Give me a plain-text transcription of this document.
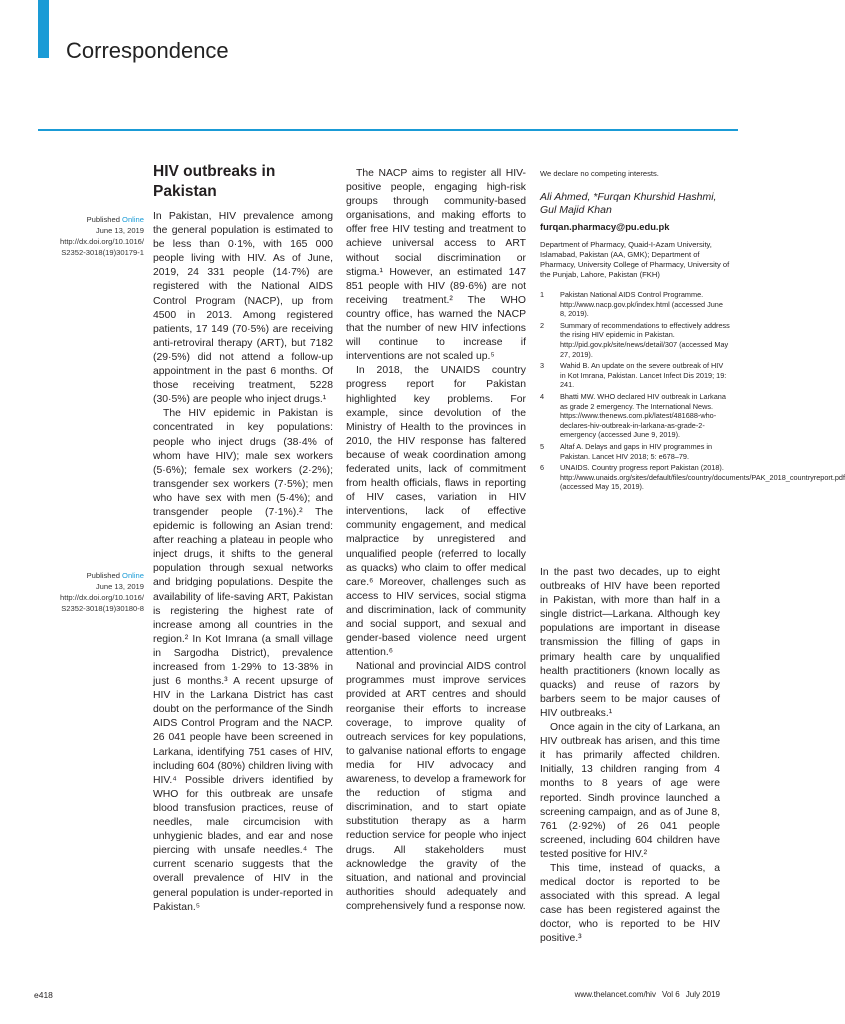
Correspondence
Published Online
June 13, 2019
http://dx.doi.org/10.1016/
S2352-3018(19)30179-1
Published Online
June 13, 2019
http://dx.doi.org/10.1016/
S2352-3018(19)30180-8
HIV outbreaks in Pakistan

In Pakistan, HIV prevalence among the general population is estimated to be less than 0·1%, with 165 000 people living with HIV. As of June, 2019, 24 331 people (14·7%) are registered with the National AIDS Control Program (NACP), up from 4500 in 2013. Among registered patients, 17 149 (70·5%) are receiving anti-retroviral therapy (ART), but 7182 (29·5%) did not attend a follow-up appointment in the past 6 months. Of those receiving treatment, 5228 (30·5%) are people who inject drugs.¹

The HIV epidemic in Pakistan is concentrated in key populations: people who inject drugs (38·4% of whom have HIV); male sex workers (5·6%); female sex workers (2·2%); transgender sex workers (7·5%); men who have sex with men (5·4%); and transgender people (7·1%).² The epidemic is following an Asian trend: after reaching a plateau in people who inject drugs, it shifts to the general population through sexual networks and bridging populations. Despite the availability of life-saving ART, Pakistan is registering the highest rate of increase among all countries in the region.² In Kot Imrana (a small village in Sargodha District), prevalence increased from 1·29% to 13·38% in just 6 months.³ A recent upsurge of HIV in the Larkana District has cast doubt on the performance of the Sindh AIDS Control Program and the NACP. 26 041 people have been screened in Larkana, identifying 751 cases of HIV, including 604 (80%) children living with HIV.⁴ Possible drivers identified by WHO for this outbreak are unsafe blood transfusion practices, reuse of needles, male circumcision with unhygienic blades, and ear and nose piercing with unsafe needles.⁴ The current scenario suggests that the overall prevalence of HIV in the general population is under-reported in Pakistan.⁵

The NACP aims to register all HIV-positive people, engaging high-risk groups through community-based organisations, and making efforts to offer free HIV testing and treatment to achieve universal access to ART without social discrimination or stigma.¹ However, an estimated 147 851 people with HIV (89·6%) are not receiving treatment.² The WHO country office, has warned the NACP that the number of new HIV infections will continue to increase if interventions are not scaled up.⁵

In 2018, the UNAIDS country progress report for Pakistan highlighted key problems. For example, since devolution of the Ministry of Health to the provinces in 2010, the HIV response has faltered because of weak coordination among federated units, lack of commitment from health officials, flaws in reporting of HIV cases, variation in HIV interventions, lack of effective community engagement, and medical malpractice by unregistered and unqualified people (referred to locally as quacks) who claim to offer medical care.⁶ Moreover, challenges such as access to HIV services, social stigma and discrimination, lack of community and social support, and sexual and gender-based violence need urgent attention.⁶

National and provincial AIDS control programmes must improve services provided at ART centres and should reorganise their efforts to increase coverage, to improve quality of outreach services for key populations, to galvanise national efforts to engage media for HIV advocacy and awareness, to develop a framework for the reduction of stigma and discrimination, and to start opiate substitution therapy as a harm reduction service for people who inject drugs. All stakeholders must acknowledge the gravity of the situation, and national and provincial authorities should adequately and comprehensively fund a response now.

We declare no competing interests.

Ali Ahmed, *Furqan Khurshid Hashmi, Gul Majid Khan

furqan.pharmacy@pu.edu.pk

Department of Pharmacy, Quaid-I-Azam University, Islamabad, Pakistan (AA, GMK); Department of Pharmacy, University College of Pharmacy, University of the Punjab, Lahore, Pakistan (FKH)

1 Pakistan National AIDS Control Programme. http://www.nacp.gov.pk/index.html (accessed June 8, 2019).
2 Summary of recommendations to effectively address the rising HIV epidemic in Pakistan. http://pid.gov.pk/site/news/detail/307 (accessed May 27, 2019).
3 Wahid B. An update on the severe outbreak of HIV in Kot Imrana, Pakistan. Lancet Infect Dis 2019; 19: 241.
4 Bhatti MW. WHO declared HIV outbreak in Larkana as grade 2 emergency. The International News. https://www.thenews.com.pk/latest/481688-who-declares-hiv-outbreak-in-larkana-as-grade-2-emergency (accessed June 9, 2019).
5 Altaf A. Delays and gaps in HIV programmes in Pakistan. Lancet HIV 2018; 5: e678–79.
6 UNAIDS. Country progress report Pakistan (2018). http://www.unaids.org/sites/default/files/country/documents/PAK_2018_countryreport.pdf (accessed May 15, 2019).

In the past two decades, up to eight outbreaks of HIV have been reported in Pakistan, with more than half in a single district—Larkana. Although key populations are important in disease transmission the filling of gaps in primary health care by unqualified health practitioners (known locally as quacks) and reuse of razors by barbers seem to be major causes of HIV outbreaks.¹

Once again in the city of Larkana, an HIV outbreak has arisen, and this time it has primarily affected children. Initially, 13 children ranging from 4 months to 8 years of age were reported. Sindh province launched a screening campaign, and as of June 8, 761 (2·92%) of 26 041 people screened, including 604 children have tested positive for HIV.²

This time, instead of quacks, a medical doctor is reported to be associated with this spread. A legal case has been registered against the doctor, who is reported to be HIV positive.³

e418	www.thelancet.com/hiv Vol 6 July 2019
